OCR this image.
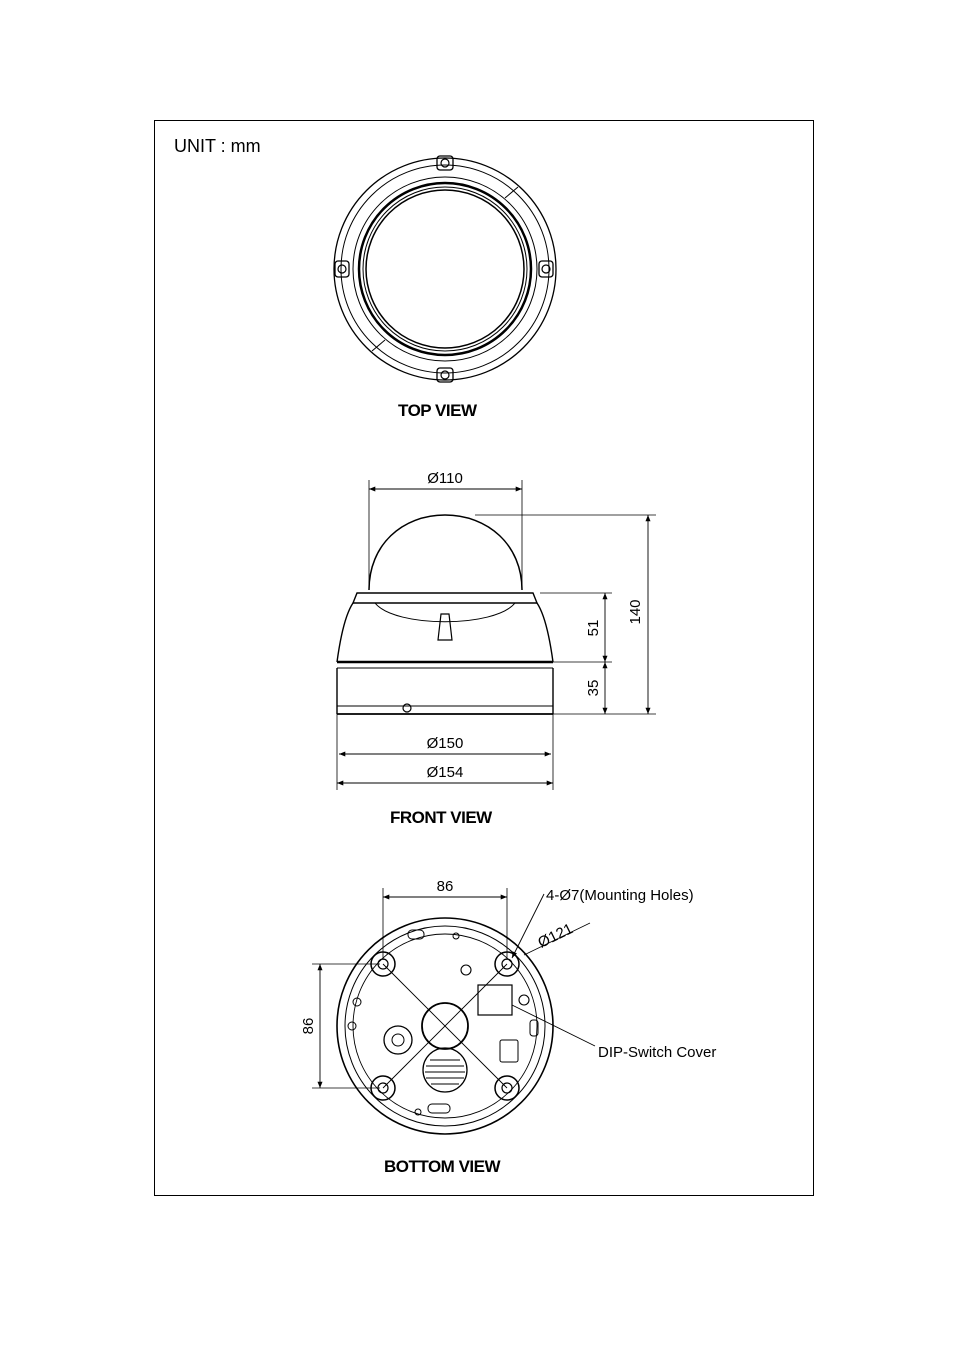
UNIT : mm
TOP VIEW
FRONT VIEW
BOTTOM VIEW
Ø110
140
51
35
Ø150
Ø154
86
86
4-Ø7(Mounting Holes)
Ø121
DIP-Switch Cover
